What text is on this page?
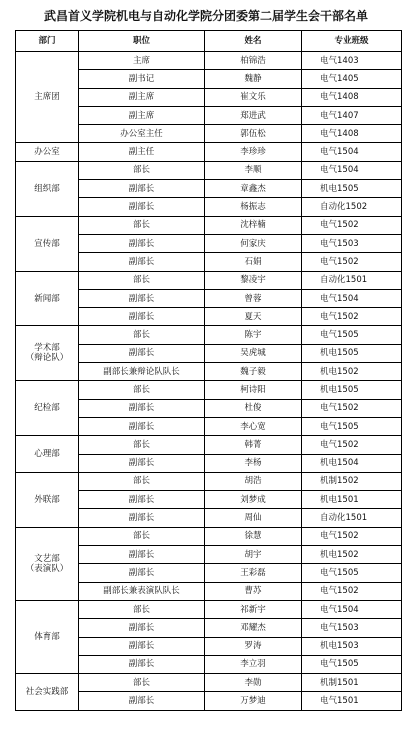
武昌首义学院机电与自动化学院分团委第二届学生会干部名单
部门	职位	姓名	专业班级
主席团	主席	柏锦浩	电气1403
	副书记	魏静	电气1405
	副主席	崔文乐	电气1408
	副主席	郑进武	电气1407
	办公室主任	郭伍松	电气1408
办公室	副主任	李珍珍	电气1504
组织部	部长	李顺	电气1504
	副部长	章鑫杰	机电1505
	副部长	杨振志	自动化1502
宣传部	部长	沈梓楠	电气1502
	副部长	何家庆	电气1503
	副部长	石娟	电气1502
新闻部	部长	黎凌宇	自动化1501
	副部长	曾蓉	电气1504
	副部长	夏天	电气1502
学术部
（辩论队）	部长	陈宇	电气1505
	副部长	吴虎城	机电1505
	副部长兼辩论队队长	魏子毅	机电1502
纪检部	部长	柯诗阳	机电1505
	副部长	杜俊	电气1502
	副部长	李心宽	电气1505
心理部	部长	韩菁	电气1502
	副部长	李杨	机电1504
外联部	部长	胡浩	机制1502
	副部长	刘梦成	机电1501
	副部长	周仙	自动化1501
文艺部
（表演队）	部长	徐慧	电气1502
	副部长	胡宇	机电1502
	副部长	王彩磊	电气1505
	副部长兼表演队队长	曹苏	电气1502
体育部	部长	祁新宇	电气1504
	副部长	邓耀杰	电气1503
	副部长	罗涛	机电1503
	副部长	李立羽	电气1505
社会实践部	部长	李勋	机制1501
	副部长	万梦迪	电气1501
